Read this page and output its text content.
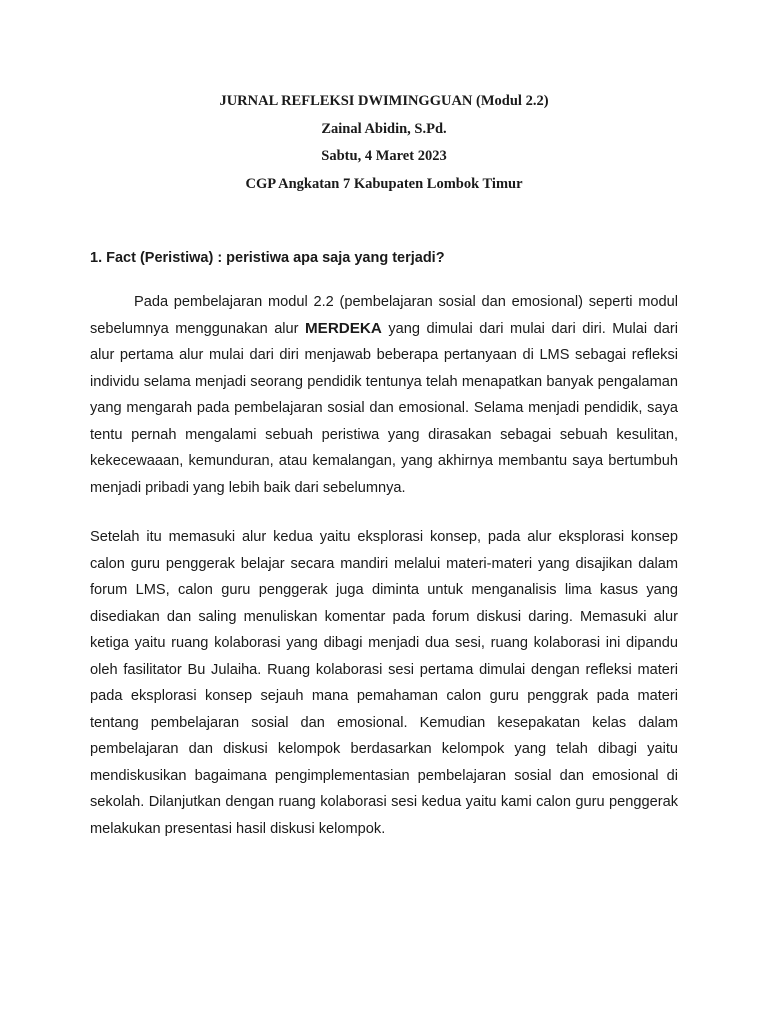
JURNAL REFLEKSI DWIMINGGUAN (Modul 2.2)
Zainal Abidin, S.Pd.
Sabtu, 4 Maret 2023
CGP Angkatan 7 Kabupaten Lombok Timur
1. Fact (Peristiwa) : peristiwa apa saja yang terjadi?

Pada pembelajaran modul 2.2 (pembelajaran sosial dan emosional) seperti modul sebelumnya menggunakan alur MERDEKA yang dimulai dari mulai dari diri. Mulai dari alur pertama alur mulai dari diri menjawab beberapa pertanyaan di LMS sebagai refleksi individu selama menjadi seorang pendidik tentunya telah menapatkan banyak pengalaman yang mengarah pada pembelajaran sosial dan emosional. Selama menjadi pendidik, saya tentu pernah mengalami sebuah peristiwa yang dirasakan sebagai sebuah kesulitan, kekecewaaan, kemunduran, atau kemalangan, yang akhirnya membantu saya bertumbuh menjadi pribadi yang lebih baik dari sebelumnya.

Setelah itu memasuki alur kedua yaitu eksplorasi konsep, pada alur eksplorasi konsep calon guru penggerak belajar secara mandiri melalui materi-materi yang disajikan dalam forum LMS, calon guru penggerak juga diminta untuk menganalisis lima kasus yang disediakan dan saling menuliskan komentar pada forum diskusi daring. Memasuki alur ketiga yaitu ruang kolaborasi yang dibagi menjadi dua sesi, ruang kolaborasi ini dipandu oleh fasilitator Bu Julaiha. Ruang kolaborasi sesi pertama dimulai dengan refleksi materi pada eksplorasi konsep sejauh mana pemahaman calon guru penggrak pada materi tentang pembelajaran sosial dan emosional. Kemudian kesepakatan kelas dalam pembelajaran dan diskusi kelompok berdasarkan kelompok yang telah dibagi yaitu mendiskusikan bagaimana pengimplementasian pembelajaran sosial dan emosional di sekolah. Dilanjutkan dengan ruang kolaborasi sesi kedua yaitu kami calon guru penggerak melakukan presentasi hasil diskusi kelompok.
